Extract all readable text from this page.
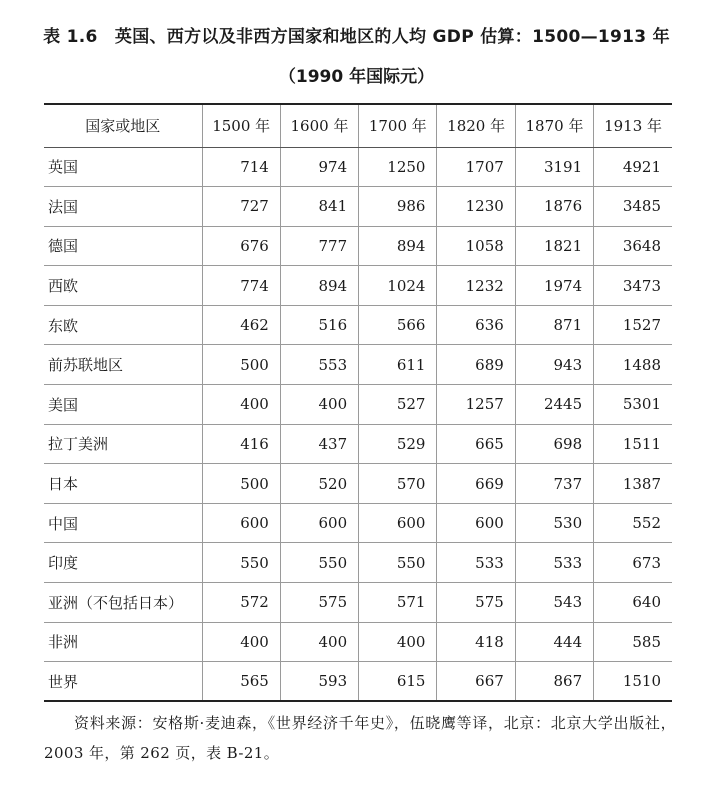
表 1.6　英国、西方以及非西方国家和地区的人均 GDP 估算：1500—1913 年
（1990 年国际元）
国家或地区	1500 年	1600 年	1700 年	1820 年	1870 年	1913 年
英国	714	974	1250	1707	3191	4921
法国	727	841	986	1230	1876	3485
德国	676	777	894	1058	1821	3648
西欧	774	894	1024	1232	1974	3473
东欧	462	516	566	636	871	1527
前苏联地区	500	553	611	689	943	1488
美国	400	400	527	1257	2445	5301
拉丁美洲	416	437	529	665	698	1511
日本	500	520	570	669	737	1387
中国	600	600	600	600	530	552
印度	550	550	550	533	533	673
亚洲（不包括日本）	572	575	571	575	543	640
非洲	400	400	400	418	444	585
世界	565	593	615	667	867	1510
资料来源：安格斯·麦迪森，《世界经济千年史》，伍晓鹰等译，北京：北京大学出版社，2003 年，第 262 页，表 B-21。
